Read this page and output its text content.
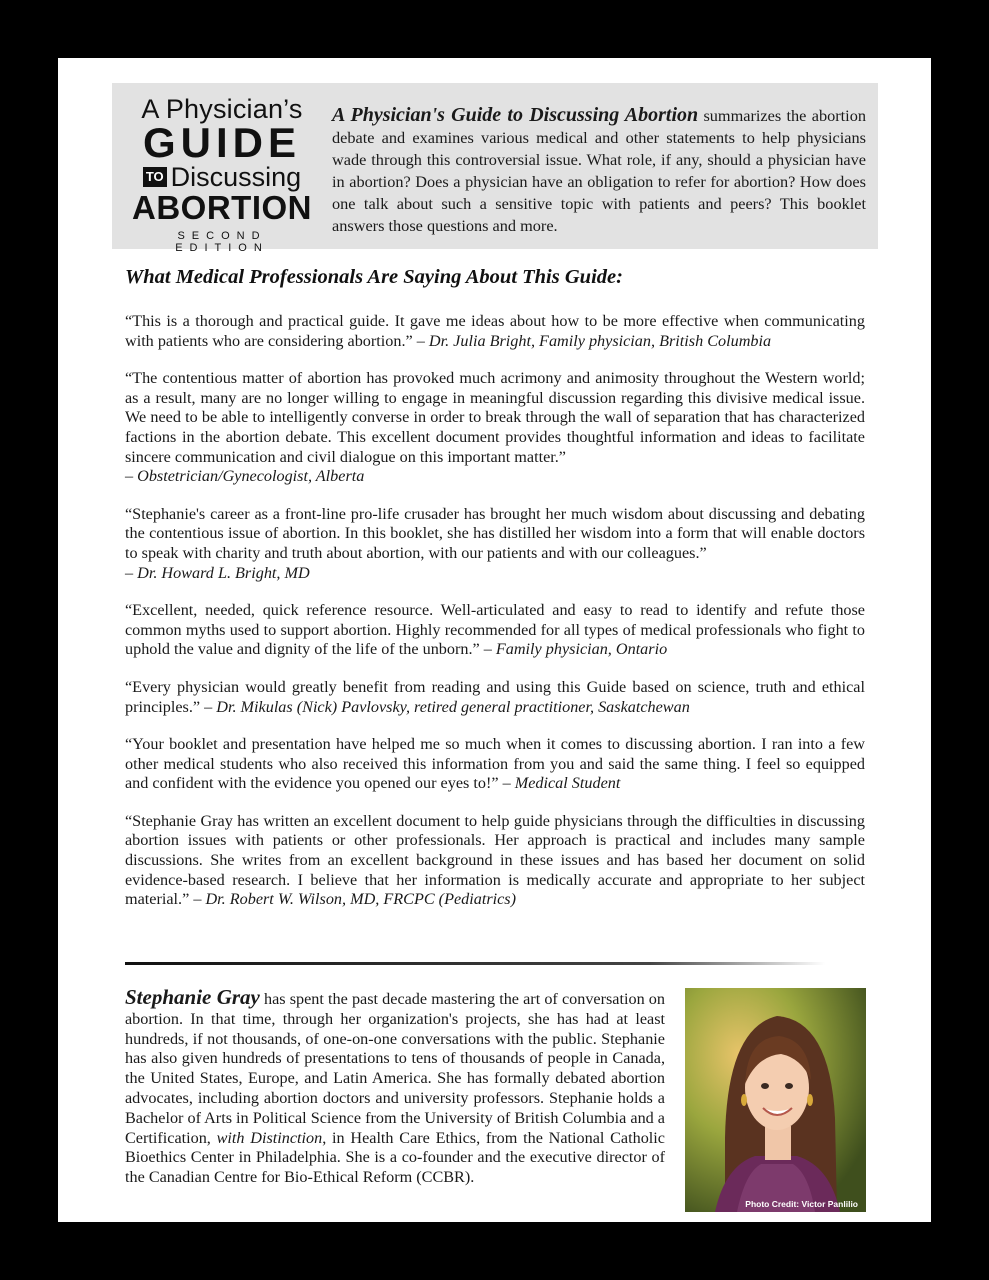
A Physician’s
GUIDE
TO Discussing
ABORTION
SECOND EDITION

A Physician's Guide to Discussing Abortion summarizes the abortion debate and examines various medical and other statements to help physicians wade through this controversial issue. What role, if any, should a physician have in abortion? Does a physician have an obligation to refer for abortion? How does one talk about such a sensitive topic with patients and peers? This booklet answers those questions and more.

What Medical Professionals Are Saying About This Guide:

“This is a thorough and practical guide. It gave me ideas about how to be more effective when communicating with patients who are considering abortion.” – Dr. Julia Bright, Family physician, British Columbia

“The contentious matter of abortion has provoked much acrimony and animosity throughout the Western world; as a result, many are no longer willing to engage in meaningful discussion regarding this divisive medical issue. We need to be able to intelligently converse in order to break through the wall of separation that has characterized factions in the abortion debate. This excellent document provides thoughtful information and ideas to facilitate sincere communication and civil dialogue on this important matter.”
– Obstetrician/Gynecologist, Alberta

“Stephanie's career as a front-line pro-life crusader has brought her much wisdom about discussing and debating the contentious issue of abortion. In this booklet, she has distilled her wisdom into a form that will enable doctors to speak with charity and truth about abortion, with our patients and with our colleagues.”
– Dr. Howard L. Bright, MD

“Excellent, needed, quick reference resource. Well-articulated and easy to read to identify and refute those common myths used to support abortion. Highly recommended for all types of medical professionals who fight to uphold the value and dignity of the life of the unborn.” – Family physician, Ontario

“Every physician would greatly benefit from reading and using this Guide based on science, truth and ethical principles.” – Dr. Mikulas (Nick) Pavlovsky, retired general practitioner, Saskatchewan

“Your booklet and presentation have helped me so much when it comes to discussing abortion. I ran into a few other medical students who also received this information from you and said the same thing. I feel so equipped and confident with the evidence you opened our eyes to!” – Medical Student

“Stephanie Gray has written an excellent document to help guide physicians through the difficulties in discussing abortion issues with patients or other professionals. Her approach is practical and includes many sample discussions. She writes from an excellent background in these issues and has based her document on solid evidence-based research. I believe that her information is medically accurate and appropriate to her subject material.” – Dr. Robert W. Wilson, MD, FRCPC (Pediatrics)

Stephanie Gray has spent the past decade mastering the art of conversation on abortion. In that time, through her organization's projects, she has had at least hundreds, if not thousands, of one-on-one conversations with the public. Stephanie has also given hundreds of presentations to tens of thousands of people in Canada, the United States, Europe, and Latin America. She has formally debated abortion advocates, including abortion doctors and university professors. Stephanie holds a Bachelor of Arts in Political Science from the University of British Columbia and a Certification, with Distinction, in Health Care Ethics, from the National Catholic Bioethics Center in Philadelphia. She is a co-founder and the executive director of the Canadian Centre for Bio-Ethical Reform (CCBR).

Photo Credit: Victor Panlilio
